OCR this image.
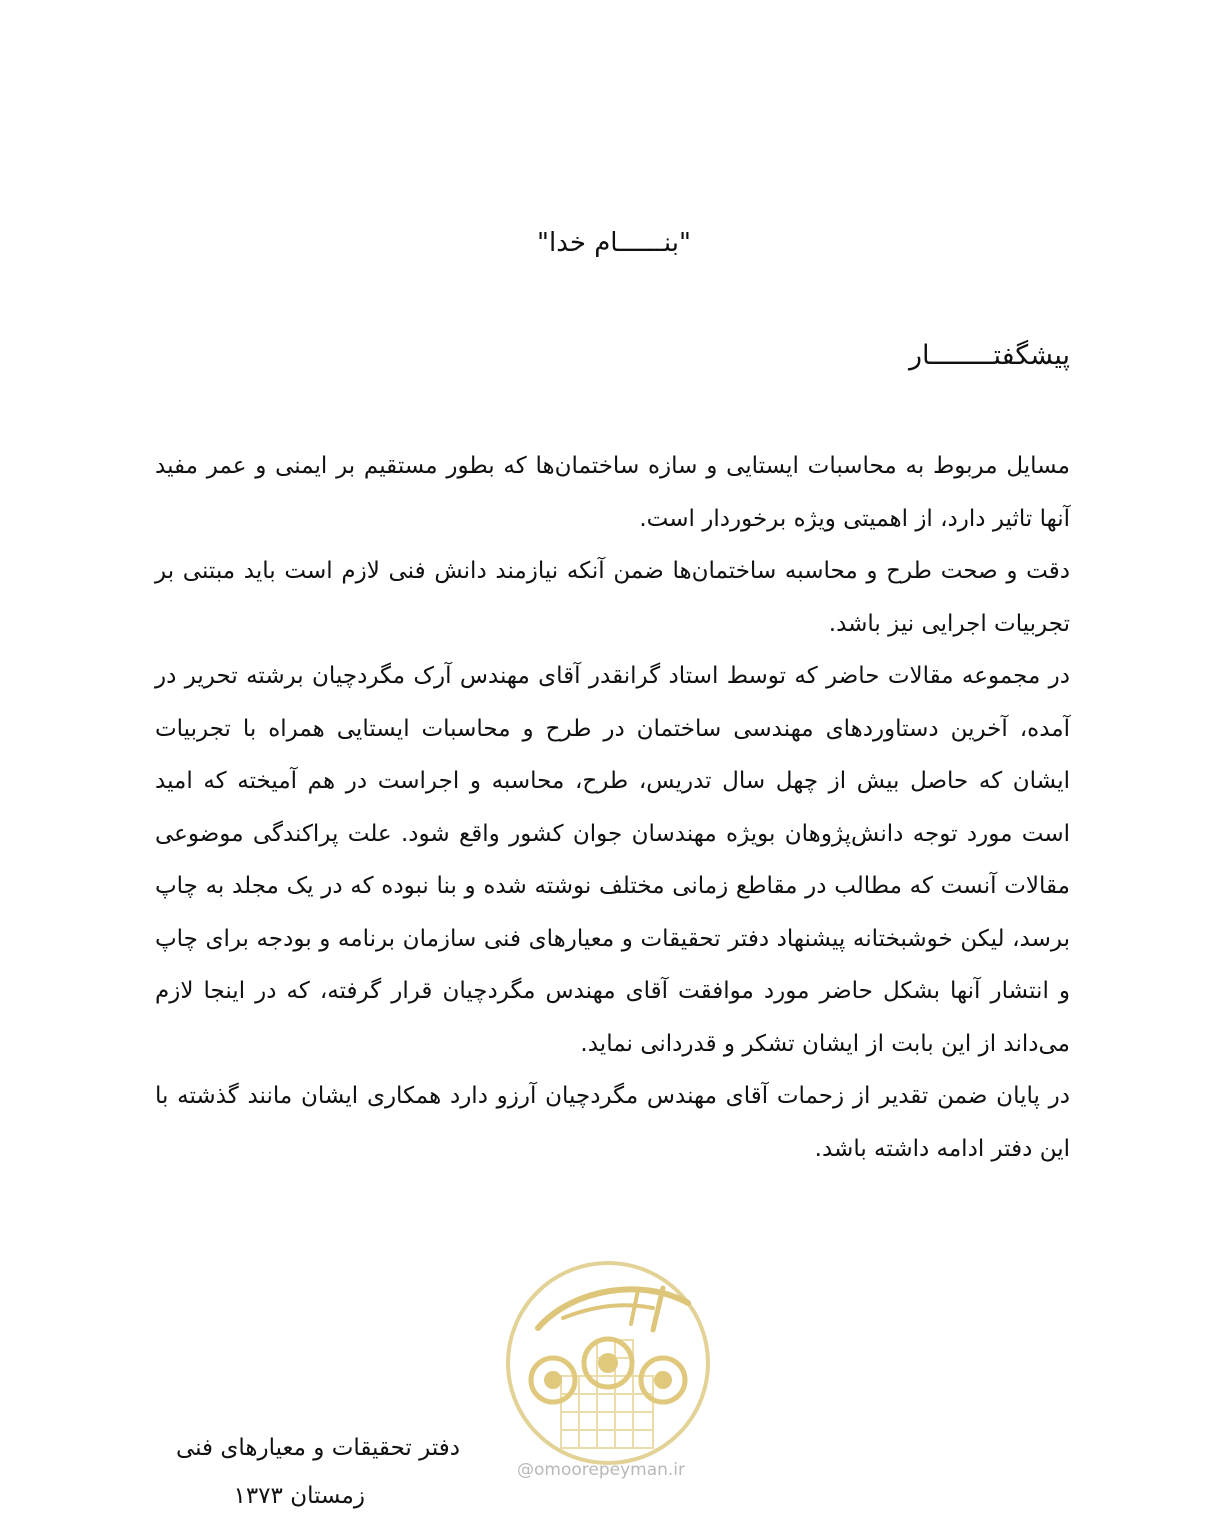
"بنــــــام خدا"
پیشگفتــــــــار

مسایل مربوط به محاسبات ایستایی و سازه ساختمان‌ها که بطور مستقیم بر ایمنی و عمر مفید آنها تاثیر دارد، از اهمیتی ویژه برخوردار است.

دقت و صحت طرح و محاسبه ساختمان‌ها ضمن آنکه نیازمند دانش فنی لازم است باید مبتنی بر تجربیات اجرایی نیز باشد.

در مجموعه مقالات حاضر که توسط استاد گرانقدر آقای مهندس آرک مگردچیان برشته تحریر در آمده، آخرین دستاوردهای مهندسی ساختمان در طرح و محاسبات ایستایی همراه با تجربیات ایشان که حاصل بیش از چهل سال تدریس، طرح، محاسبه و اجراست در هم آمیخته که امید است مورد توجه دانش‌پژوهان بویژه مهندسان جوان کشور واقع شود. علت پراکندگی موضوعی مقالات آنست که مطالب در مقاطع زمانی مختلف نوشته شده و بنا نبوده که در یک مجلد به چاپ برسد، لیکن خوشبختانه پیشنهاد دفتر تحقیقات و معیارهای فنی سازمان برنامه و بودجه برای چاپ و انتشار آنها بشکل حاضر مورد موافقت آقای مهندس مگردچیان قرار گرفته، که در اینجا لازم می‌داند از این بابت از ایشان تشکر و قدردانی نماید.

در پایان ضمن تقدیر از زحمات آقای مهندس مگردچیان آرزو دارد همکاری ایشان مانند گذشته با این دفتر ادامه داشته باشد.

@omoorepeyman.ir
دفتر تحقیقات و معیارهای فنی
زمستان ۱۳۷۳
